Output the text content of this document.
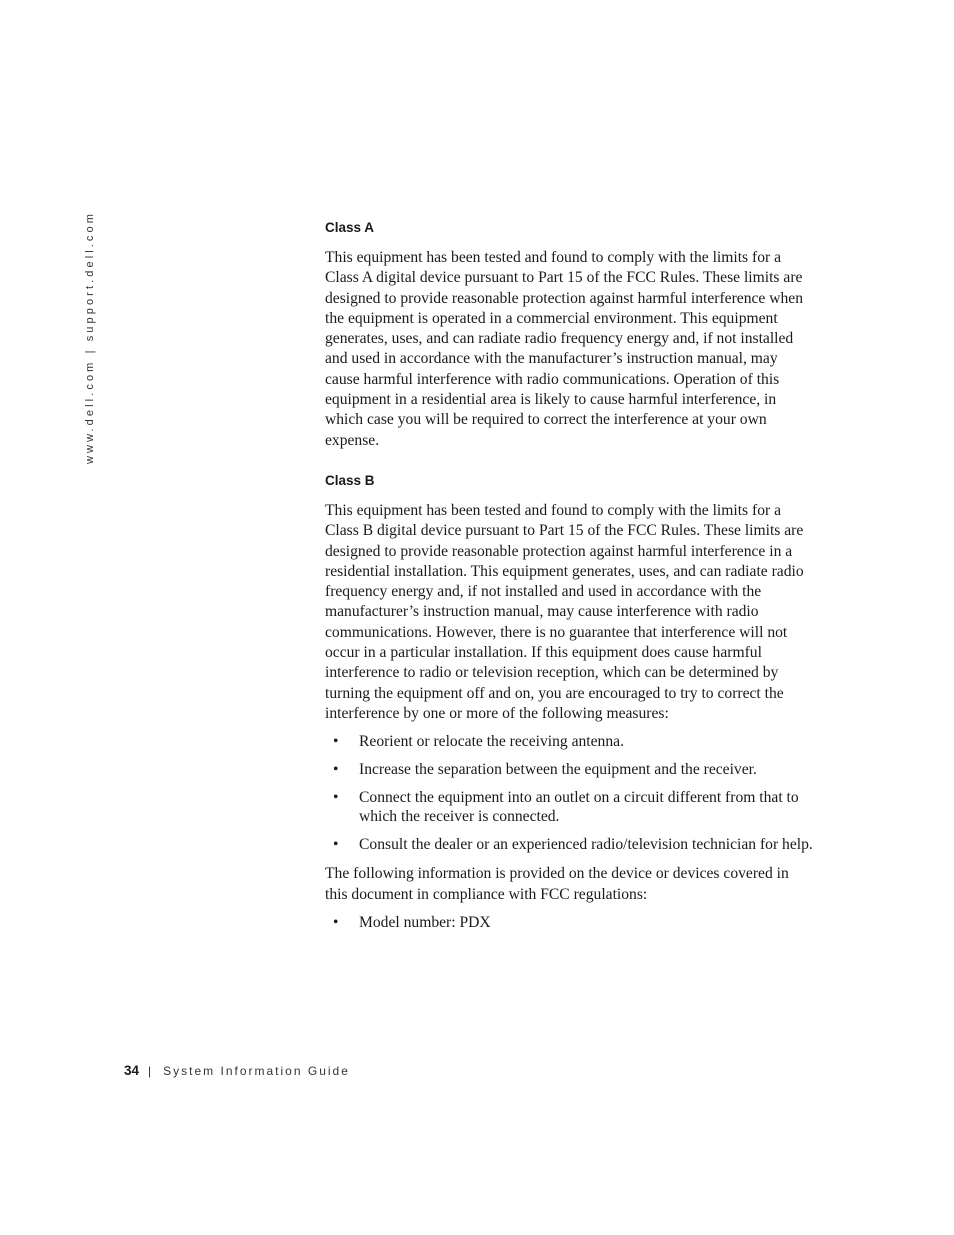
www.dell.com | support.dell.com	Class A

This equipment has been tested and found to comply with the limits for a Class A digital device pursuant to Part 15 of the FCC Rules. These limits are designed to provide reasonable protection against harmful interference when the equipment is operated in a commercial environment. This equipment generates, uses, and can radiate radio frequency energy and, if not installed and used in accordance with the manufacturer’s instruction manual, may cause harmful interference with radio communications. Operation of this equipment in a residential area is likely to cause harmful interference, in which case you will be required to correct the interference at your own expense.

Class B

This equipment has been tested and found to comply with the limits for a Class B digital device pursuant to Part 15 of the FCC Rules. These limits are designed to provide reasonable protection against harmful interference in a residential installation. This equipment generates, uses, and can radiate radio frequency energy and, if not installed and used in accordance with the manufacturer’s instruction manual, may cause interference with radio communications. However, there is no guarantee that interference will not occur in a particular installation. If this equipment does cause harmful interference to radio or television reception, which can be determined by turning the equipment off and on, you are encouraged to try to correct the interference by one or more of the following measures:

• Reorient or relocate the receiving antenna.
• Increase the separation between the equipment and the receiver.
• Connect the equipment into an outlet on a circuit different from that to which the receiver is connected.
• Consult the dealer or an experienced radio/television technician for help.

The following information is provided on the device or devices covered in this document in compliance with FCC regulations:

• Model number: PDX
34 | System Information Guide
